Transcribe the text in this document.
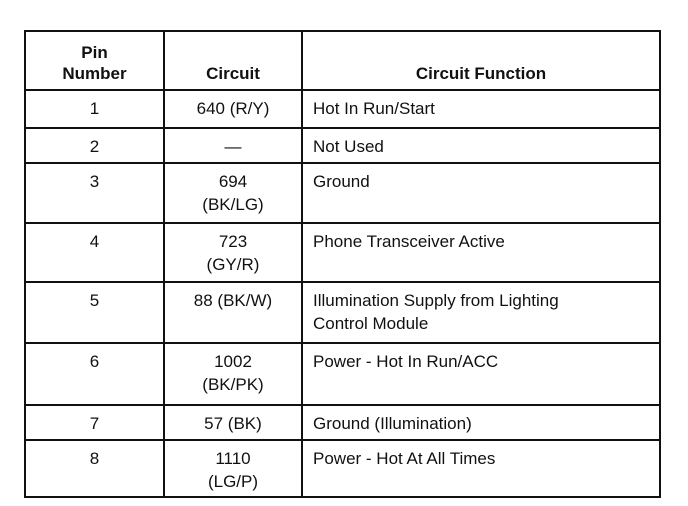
Pin
Number	Circuit	Circuit Function
1	640 (R/Y)	Hot In Run/Start

2	—	Not Used

3	694
(BK/LG)	Ground

4	723
(GY/R)	Phone Transceiver Active

5	88 (BK/W)	Illumination Supply from Lighting
Control Module

6	1002
(BK/PK)	Power - Hot In Run/ACC

7	57 (BK)	Ground (Illumination)

8	1110
(LG/P)	Power - Hot At All Times
